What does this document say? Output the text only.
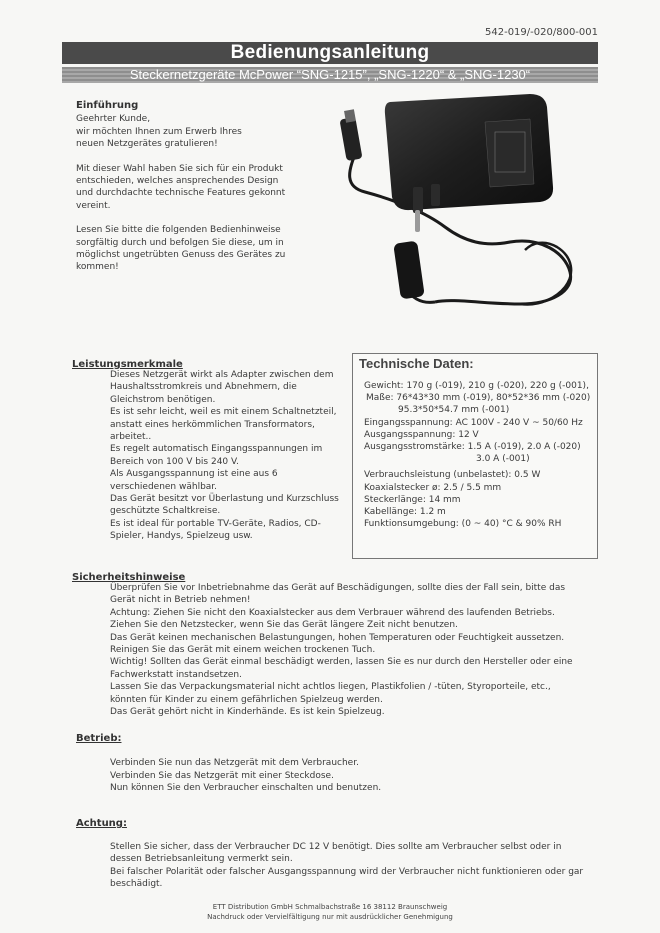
542-019/-020/800-001
Bedienungsanleitung
Steckernetzgeräte McPower “SNG-1215”, „SNG-1220“ & „SNG-1230“
Einführung

Geehrter Kunde,
wir möchten Ihnen zum Erwerb Ihres
neuen Netzgerätes gratulieren!

Mit dieser Wahl haben Sie sich für ein Produkt
entschieden, welches ansprechendes Design
und durchdachte technische Features gekonnt
vereint.

Lesen Sie bitte die folgenden Bedienhinweise
sorgfältig durch und befolgen Sie diese, um in
möglichst ungetrübten Genuss des Gerätes zu
kommen!

Leistungsmerkmale
Dieses Netzgerät wirkt als Adapter zwischen dem
Haushaltsstromkreis und Abnehmern, die
Gleichstrom benötigen.
Es ist sehr leicht, weil es mit einem Schaltnetzteil,
anstatt eines herkömmlichen Transformators,
arbeitet..
Es regelt automatisch Eingangsspannungen im
Bereich von 100 V bis 240 V.
Als Ausgangsspannung ist eine aus 6
verschiedenen wählbar.
Das Gerät besitzt vor Überlastung und Kurzschluss
geschützte Schaltkreise.
Es ist ideal für portable TV-Geräte, Radios, CD-
Spieler, Handys, Spielzeug usw.
Technische Daten:
Gewicht: 170 g (-019), 210 g (-020), 220 g (-001),
Maße: 76*43*30 mm (-019), 80*52*36 mm (-020)
95.3*50*54.7 mm (-001)
Eingangsspannung: AC 100V - 240 V ~ 50/60 Hz
Ausgangsspannung: 12 V
Ausgangsstromstärke: 1.5 A (-019), 2.0 A (-020)
3.0 A (-001)
Verbrauchsleistung (unbelastet): 0.5 W
Koaxialstecker ø: 2.5 / 5.5 mm
Steckerlänge: 14 mm
Kabellänge: 1.2 m
Funktionsumgebung: (0 ~ 40) °C & 90% RH
Sicherheitshinweise
Überprüfen Sie vor Inbetriebnahme das Gerät auf Beschädigungen, sollte dies der Fall sein, bitte das
Gerät nicht in Betrieb nehmen!
Achtung: Ziehen Sie nicht den Koaxialstecker aus dem Verbrauer während des laufenden Betriebs.
Ziehen Sie den Netzstecker, wenn Sie das Gerät längere Zeit nicht benutzen.
Das Gerät keinen mechanischen Belastungungen, hohen Temperaturen oder Feuchtigkeit aussetzen.
Reinigen Sie das Gerät mit einem weichen trockenen Tuch.
Wichtig! Sollten das Gerät einmal beschädigt werden, lassen Sie es nur durch den Hersteller oder eine
Fachwerkstatt instandsetzen.
Lassen Sie das Verpackungsmaterial nicht achtlos liegen, Plastikfolien / -tüten, Styroporteile, etc.,
könnten für Kinder zu einem gefährlichen Spielzeug werden.
Das Gerät gehört nicht in Kinderhände. Es ist kein Spielzeug.
Betrieb:
Verbinden Sie nun das Netzgerät mit dem Verbraucher.
Verbinden Sie das Netzgerät mit einer Steckdose.
Nun können Sie den Verbraucher einschalten und benutzen.
Achtung:
Stellen Sie sicher, dass der Verbraucher DC 12 V benötigt. Dies sollte am Verbraucher selbst oder in
dessen Betriebsanleitung vermerkt sein.
Bei falscher Polarität oder falscher Ausgangsspannung wird der Verbraucher nicht funktionieren oder gar
beschädigt.
ETT Distribution GmbH Schmalbachstraße 16 38112 Braunschweig
Nachdruck oder Vervielfältigung nur mit ausdrücklicher Genehmigung
